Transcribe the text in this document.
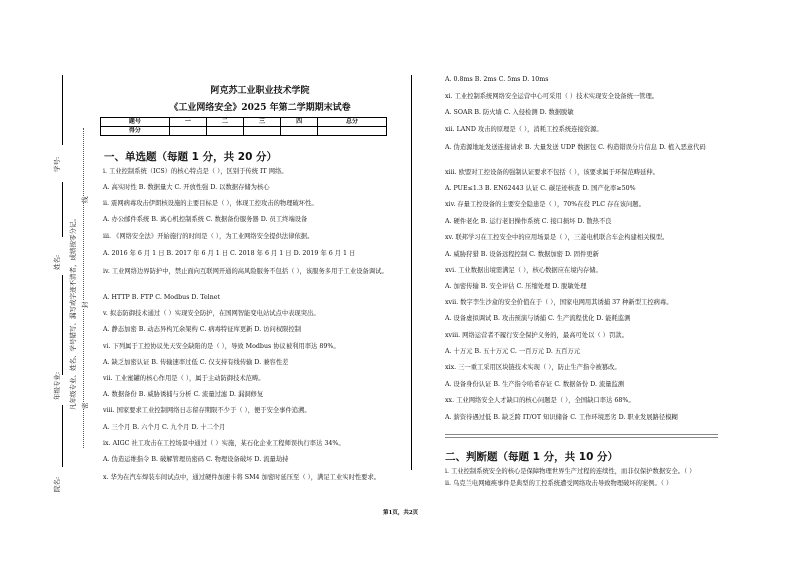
学号:
姓名:
年级专业:
院名:
凡年级专业、姓名、学号错写、漏写或字迹不清者，成绩按零分记。
线
封
密
阿克苏工业职业技术学院
《工业网络安全》2025 年第二学期期末试卷
题号	一	二	三	四	总分
得分					
一、单选题（每题 1 分，共 20 分）
i. 工业控制系统（ICS）的核心特点是（ ），区别于传统 IT 网络。
A. 高实时性 B. 数据量大 C. 开放性强 D. 以数据存储为核心
ii. 震网病毒攻击伊朗核设施的主要目标是（ ），体现工控攻击的物理破坏性。
A. 办公邮件系统 B. 离心机控制系统 C. 数据备份服务器 D. 员工终端设备
iii. 《网络安全法》开始施行的时间是（ ），为工业网络安全提供法律依据。
A. 2016 年 6 月 1 日 B. 2017 年 6 月 1 日 C. 2018 年 6 月 1 日 D. 2019 年 6 月 1 日
iv. 工业网络边界防护中，禁止面向互联网开通的高风险服务不包括（ ），该服务多用于工业设备调试。
A. HTTP B. FTP C. Modbus D. Telnet
v. 拟态防御技术通过（ ）实现安全防护，在国网智能变电站试点中表现突出。
A. 静态加密 B. 动态异构冗余架构 C. 病毒特征库更新 D. 访问权限控制
vi. 下列属于工控协议先天安全缺陷的是（ ），导致 Modbus 协议被利用率达 89%。
A. 缺乏加密认证 B. 传输速率过低 C. 仅支持有线传输 D. 兼容性差
vii. 工业蜜罐的核心作用是（ ），属于主动防御技术范畴。
A. 数据备份 B. 威胁诱捕与分析 C. 流量过滤 D. 漏洞修复
viii. 国家要求工业控制网络日志留存期限不少于（ ），便于安全事件追溯。
A. 三个月 B. 六个月 C. 九个月 D. 十二个月
ix. AIGC 社工攻击在工控场景中通过（ ）实施，某石化企业工程师误执行率达 34%。
A. 伪造运维指令 B. 破解管理员密码 C. 物理设备破坏 D. 流量劫持
x. 华为在汽车焊装车间试点中，通过硬件加速卡将 SM4 加密时延压至（ ），满足工业实时性要求。
A. 0.8ms B. 2ms C. 5ms D. 10ms
xi. 工业控制系统网络安全运营中心可采用（ ）技术实现安全设备统一管理。
A. SOAR B. 防火墙 C. 入侵检测 D. 数据脱敏
xii. LAND 攻击的原理是（ ），消耗工控系统连接资源。
A. 伪造源地址发送连接请求 B. 大量发送 UDP 数据包 C. 构造错误分片信息 D. 植入恶意代码
xiii. 欧盟对工控设备的强制认证要求不包括（ ），该要求属于环保范畴延伸。
A. PUE≤1.3 B. EN62443 认证 C. 碳足迹核查 D. 国产化率≥50%
xiv. 存量工控设备的主要安全隐患是（ ），70%在役 PLC 存在该问题。
A. 硬件老化 B. 运行老旧操作系统 C. 接口损坏 D. 散热不良
xv. 联邦学习在工控安全中的应用场景是（ ），三菱电机联合车企构建相关模型。
A. 威胁狩猎 B. 设备远程控制 C. 数据加密 D. 固件更新
xvi. 工业数据出境需满足（ ），核心数据应在境内存储。
A. 加密传输 B. 安全评估 C. 压缩处理 D. 脱敏处理
xvii. 数字孪生沙盒的安全价值在于（ ），国家电网用其诱捕 37 种新型工控病毒。
A. 设备虚拟调试 B. 攻击预演与诱捕 C. 生产流程优化 D. 能耗监测
xviii. 网络运营者不履行安全保护义务的，最高可处以（ ）罚款。
A. 十万元 B. 五十万元 C. 一百万元 D. 五百万元
xix. 三一重工采用区块链技术实现（ ），防止生产指令被篡改。
A. 设备身份认证 B. 生产指令哈希存证 C. 数据备份 D. 流量监测
xx. 工业网络安全人才缺口的核心问题是（ ），全国缺口率达 68%。
A. 薪资待遇过低 B. 缺乏跨 IT/OT 知识储备 C. 工作环境恶劣 D. 职业发展路径模糊
二、判断题（每题 1 分，共 10 分）
i. 工业控制系统安全的核心是保障物理世界生产过程的连续性，而非仅保护数据安全。（ ）
ii. 乌克兰电网瘫痪事件是典型的工控系统遭受网络攻击导致物理破坏的案例。（ ）
第1页，共2页
